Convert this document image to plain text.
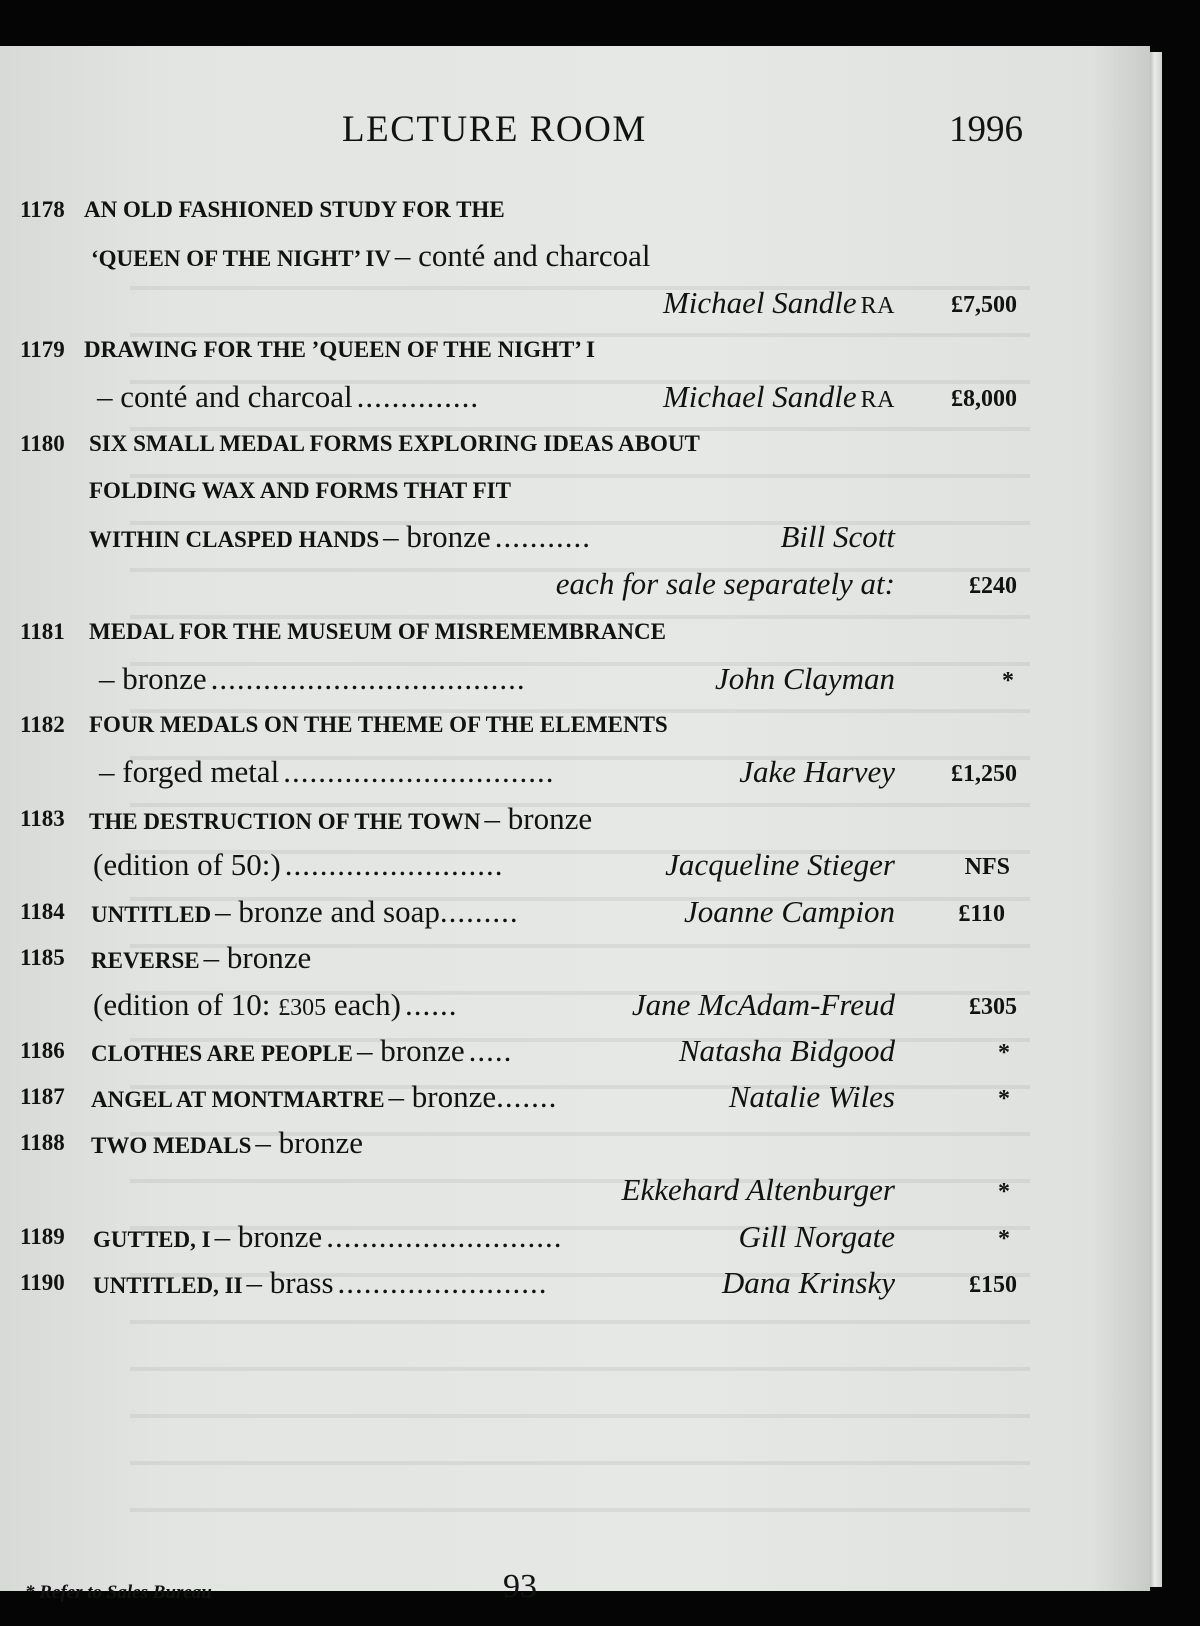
LECTURE ROOM	1996
1178 AN OLD FASHIONED STUDY FOR THE
‘QUEEN OF THE NIGHT’ IV – conté and charcoal
Michael Sandle RA £7,500
1179 DRAWING FOR THE ’QUEEN OF THE NIGHT’ I
– conté and charcoal ..............	Michael Sandle RA £8,000
1180	SIX SMALL MEDAL FORMS EXPLORING IDEAS ABOUT
FOLDING WAX AND FORMS THAT FIT
WITHIN CLASPED HANDS – bronze ...........	Bill Scott
each for sale separately at:	£240
1181	MEDAL FOR THE MUSEUM OF MISREMEMBRANCE
– bronze ....................................	John Clayman	*
1182	FOUR MEDALS ON THE THEME OF THE ELEMENTS
– forged metal ...............................	Jake Harvey £1,250
1183	THE DESTRUCTION OF THE TOWN – bronze
(edition of 50:) .........................	Jacqueline Stieger	NFS
1184	UNTITLED – bronze and soap.........	Joanne Campion	£110
1185	REVERSE – bronze
(edition of 10: £305 each) ......	Jane McAdam-Freud	£305
1186	CLOTHES ARE PEOPLE – bronze .....	Natasha Bidgood	*
1187	ANGEL AT MONTMARTRE – bronze.......	Natalie Wiles	*
1188	TWO MEDALS – bronze
Ekkehard Altenburger	*
1189	GUTTED, I – bronze ...........................	Gill Norgate	*
1190	UNTITLED, II – brass ........................	Dana Krinsky	£150
* Refer to Sales Bureau	93
